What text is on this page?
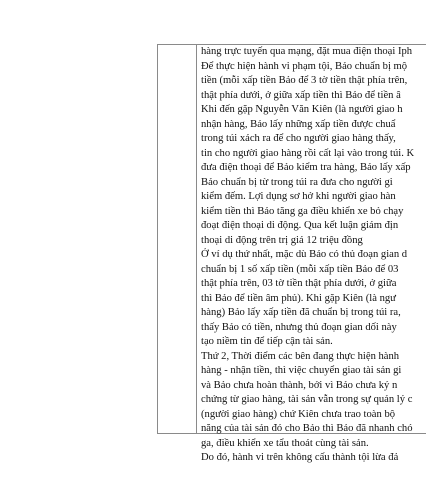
hàng trực tuyến qua mạng, đặt mua điện thoại Iph
Để thực hiện hành vi phạm tội, Bảo chuẩn bị mộ
tiền (mỗi xấp tiền Bảo để 3 tờ tiền thật phía trên,
thật phía dưới, ở giữa xấp tiền thì Bảo để tiền â
Khi đến gặp Nguyễn Văn Kiên (là người giao h
nhận hàng, Bảo lấy những xấp tiền được chuẩ
trong túi xách ra để cho người giao hàng thấy,
tin cho người giao hàng rồi cất lại vào trong túi. K
đưa điện thoại để Bảo kiểm tra hàng, Bảo lấy xấp
Bảo chuẩn bị từ trong túi ra đưa cho người gi
kiểm đếm. Lợi dụng sơ hở khi người giao hàn
kiểm tiền thì Bảo tăng ga điều khiển xe bỏ chạy
đoạt điện thoại di động. Qua kết luận giám địn
thoại di động trên trị giá 12 triệu đồng
Ở ví dụ thứ nhất, mặc dù Bảo có thủ đoạn gian d
chuẩn bị 1 số xấp tiền (mỗi xấp tiền Bảo để 03
thật phía trên, 03 tờ tiền thật phía dưới, ở giữa
thì Bảo để tiền âm phủ). Khi gặp Kiên (là ngư
hàng) Bảo lấy xấp tiền đã chuẩn bị trong túi ra,
thấy Bảo có tiền, nhưng thủ đoạn gian dối này
tạo niềm tin để tiếp cận tài sản.
Thứ 2, Thời điểm các bên đang thực hiện hành
hàng - nhận tiền, thì việc chuyển giao tài sản gi
và Bảo chưa hoàn thành, bởi vì Bảo chưa ký n
chứng từ giao hàng, tài sản vẫn trong sự quản lý c
(người giao hàng) chứ Kiên chưa trao toàn bộ
năng của tài sản đó cho Bảo thì Bảo đã nhanh chó
ga, điều khiển xe tẩu thoát cùng tài sản.
Do đó, hành vi trên không cấu thành tội lừa đả
